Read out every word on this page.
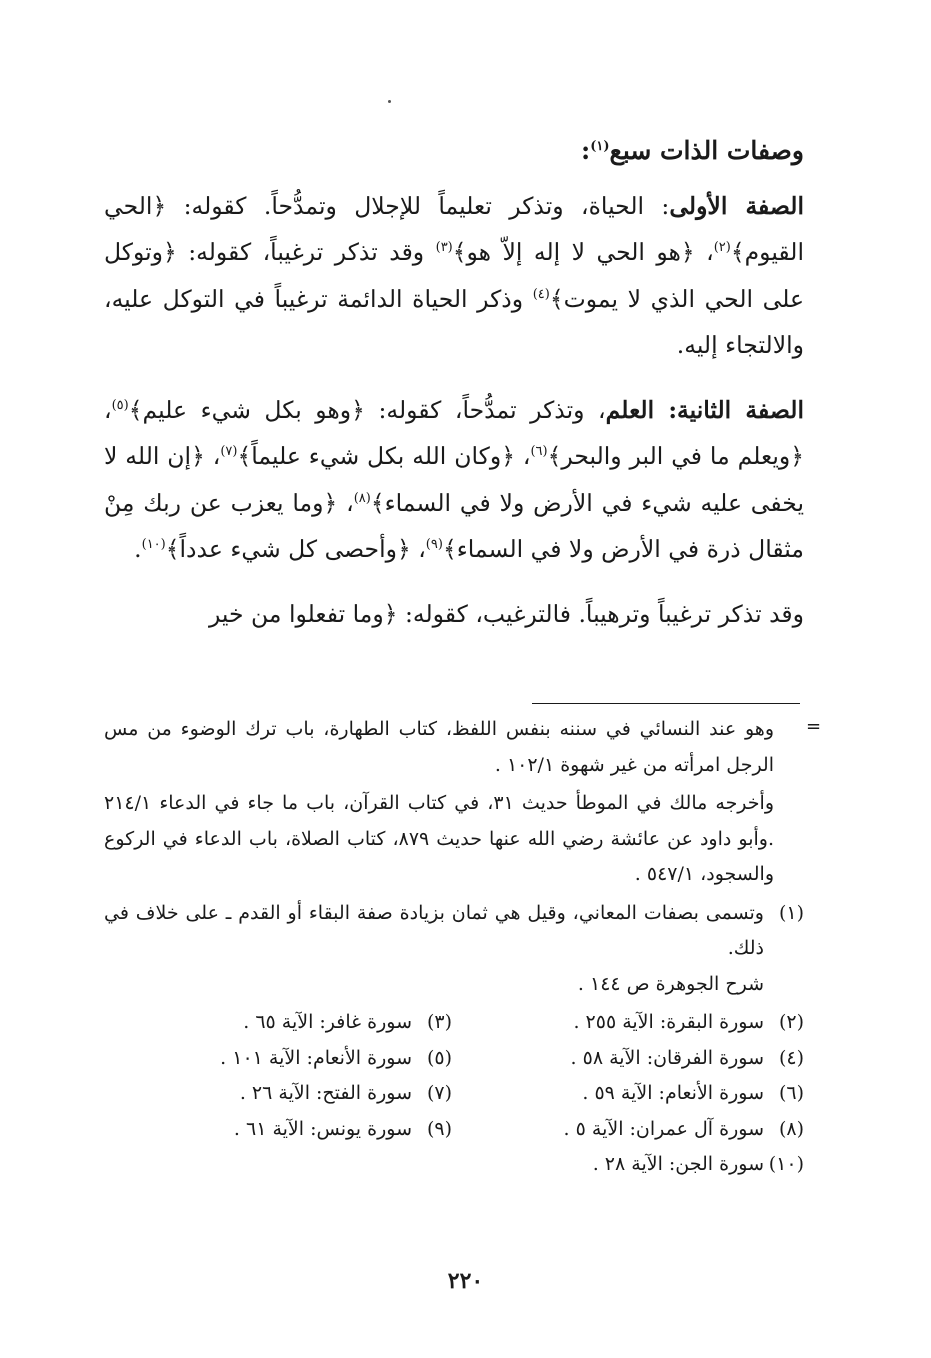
وصفات الذات سبع$^{(١)}$:

الصفة الأولى: الحياة، وتذكر تعليماً للإجلال وتمدُّحاً. كقوله: ﴿الحي القيوم﴾$^{(٢)}$، ﴿هو الحي لا إله إلاّ هو﴾$^{(٣)}$ وقد تذكر ترغيباً، كقوله: ﴿وتوكل على الحي الذي لا يموت﴾$^{(٤)}$ وذكر الحياة الدائمة ترغيباً في التوكل عليه، والالتجاء إليه.

الصفة الثانية: العلم، وتذكر تمدُّحاً، كقوله: ﴿وهو بكل شيء عليم﴾$^{(٥)}$، ﴿ويعلم ما في البر والبحر﴾$^{(٦)}$، ﴿وكان الله بكل شيء عليماً﴾$^{(٧)}$، ﴿إن الله لا يخفى عليه شيء في الأرض ولا في السماء﴾$^{(٨)}$، ﴿وما يعزب عن ربك مِنْ مثقال ذرة في الأرض ولا في السماء﴾$^{(٩)}$، ﴿وأحصى كل شيء عدداً﴾$^{(١٠)}$.

وقد تذكر ترغيباً وترهيباً. فالترغيب، كقوله: ﴿وما تفعلوا من خير

=

وهو عند النسائي في سننه بنفس اللفظ، كتاب الطهارة، باب ترك الوضوء من مس الرجل امرأته من غير شهوة ١٠٢/١ .

وأخرجه مالك في الموطأ حديث ٣١، في كتاب القرآن، باب ما جاء في الدعاء ٢١٤/١ .وأبو داود عن عائشة رضي الله عنها حديث ٨٧٩، كتاب الصلاة، باب الدعاء في الركوع والسجود، ٥٤٧/١ .

(١)
وتسمى بصفات المعاني، وقيل هي ثمان بزيادة صفة البقاء أو القدم ـ على خلاف في ذلك.

شرح الجوهرة ص ١٤٤ .

(٢)
سورة البقرة: الآية ٢٥٥ .
(٣)
سورة غافر: الآية ٦٥ .
(٤)
سورة الفرقان: الآية ٥٨ .
(٥)
سورة الأنعام: الآية ١٠١ .
(٦)
سورة الأنعام: الآية ٥٩ .
(٧)
سورة الفتح: الآية ٢٦ .
(٨)
سورة آل عمران: الآية ٥ .
(٩)
سورة يونس: الآية ٦١ .
(١٠)
سورة الجن: الآية ٢٨ .
٢٢٠
